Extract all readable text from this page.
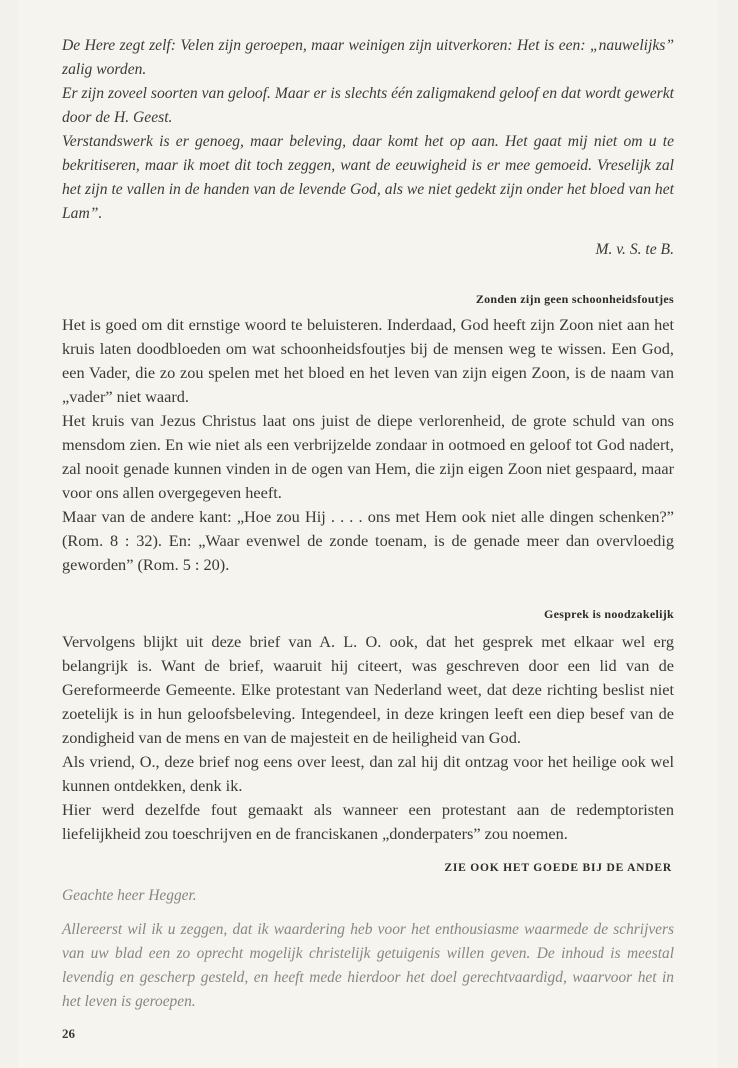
De Here zegt zelf: Velen zijn geroepen, maar weinigen zijn uitverkoren: Het is een: „nauwelijks” zalig worden.

Er zijn zoveel soorten van geloof. Maar er is slechts één zaligmakend geloof en dat wordt gewerkt door de H. Geest.

Verstandswerk is er genoeg, maar beleving, daar komt het op aan. Het gaat mij niet om u te bekritiseren, maar ik moet dit toch zeggen, want de eeuwigheid is er mee gemoeid. Vreselijk zal het zijn te vallen in de handen van de levende God, als we niet gedekt zijn onder het bloed van het Lam”.

M. v. S. te B.

Zonden zijn geen schoonheidsfoutjes

Het is goed om dit ernstige woord te beluisteren. Inderdaad, God heeft zijn Zoon niet aan het kruis laten doodbloeden om wat schoonheidsfoutjes bij de mensen weg te wissen. Een God, een Vader, die zo zou spelen met het bloed en het leven van zijn eigen Zoon, is de naam van „vader” niet waard.

Het kruis van Jezus Christus laat ons juist de diepe verlorenheid, de grote schuld van ons mensdom zien. En wie niet als een verbrijzelde zondaar in ootmoed en geloof tot God nadert, zal nooit genade kunnen vinden in de ogen van Hem, die zijn eigen Zoon niet gespaard, maar voor ons allen overgegeven heeft.

Maar van de andere kant: „Hoe zou Hij . . . . ons met Hem ook niet alle dingen schenken?” (Rom. 8 : 32). En: „Waar evenwel de zonde toenam, is de genade meer dan overvloedig geworden” (Rom. 5 : 20).

Gesprek is noodzakelijk

Vervolgens blijkt uit deze brief van A. L. O. ook, dat het gesprek met elkaar wel erg belangrijk is. Want de brief, waaruit hij citeert, was geschreven door een lid van de Gereformeerde Gemeente. Elke protestant van Nederland weet, dat deze richting beslist niet zoetelijk is in hun geloofsbeleving. Integendeel, in deze kringen leeft een diep besef van de zondigheid van de mens en van de majesteit en de heiligheid van God.

Als vriend, O., deze brief nog eens over leest, dan zal hij dit ontzag voor het heilige ook wel kunnen ontdekken, denk ik.

Hier werd dezelfde fout gemaakt als wanneer een protestant aan de redemptoristen liefelijkheid zou toeschrijven en de franciskanen „donderpaters” zou noemen.

ZIE OOK HET GOEDE BIJ DE ANDER

Geachte heer Hegger.

Allereerst wil ik u zeggen, dat ik waardering heb voor het enthousiasme waarmede de schrijvers van uw blad een zo oprecht mogelijk christelijk getuigenis willen geven. De inhoud is meestal levendig en gescherp gesteld, en heeft mede hierdoor het doel gerechtvaardigd, waarvoor het in het leven is geroepen.

26
